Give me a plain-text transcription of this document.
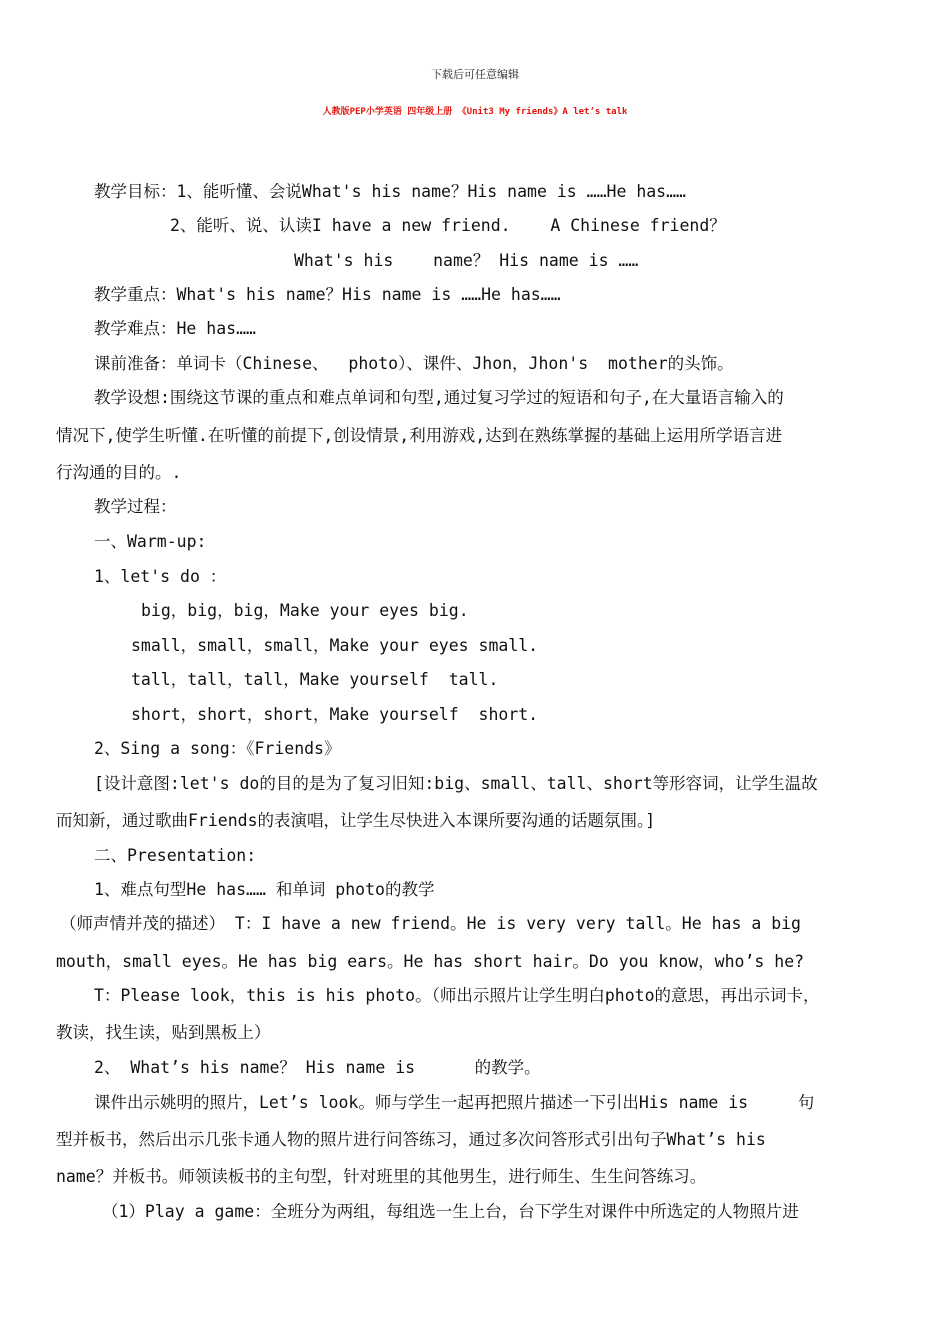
下载后可任意编辑
人教版PEP小学英语 四年级上册 《Unit3 My friends》A let’s talk
教学目标：1、能听懂、会说What's his name？His name is ……He has……
2、能听、说、认读I have a new friend.    A Chinese friend？
What's his    name？ His name is ……
教学重点：What's his name？His name is ……He has……
教学难点：He has……
课前准备：单词卡（Chinese、  photo）、课件、Jhon，Jhon's  mother的头饰。
教学设想:围绕这节课的重点和难点单词和句型,通过复习学过的短语和句子,在大量语言输入的
情况下,使学生听懂.在听懂的前提下,创设情景,利用游戏,达到在熟练掌握的基础上运用所学语言进
行沟通的目的。.
教学过程：
一、Warm-up:
1、let's do ：
big，big，big，Make your eyes big.
small，small，small，Make your eyes small.
tall，tall，tall，Make yourself  tall.
short，short，short，Make yourself  short.
2、Sing a song：《Friends》
[设计意图:let's do的目的是为了复习旧知:big、small、tall、short等形容词，让学生温故
而知新，通过歌曲Friends的表演唱，让学生尽快进入本课所要沟通的话题氛围。]
二、Presentation:
1、难点句型He has…… 和单词 photo的教学
（师声情并茂的描述） T：I have a new friend。He is very very tall。He has a big
mouth，small eyes。He has big ears。He has short hair。Do you know，who’s he?
T：Please look，this is his photo。（师出示照片让学生明白photo的意思，再出示词卡，
教读，找生读，贴到黑板上）
2、 What’s his name？ His name is      的教学。
课件出示姚明的照片，Let’s look。师与学生一起再把照片描述一下引出His name is     句
型并板书，然后出示几张卡通人物的照片进行问答练习，通过多次问答形式引出句子What’s his
name？并板书。师领读板书的主句型，针对班里的其他男生，进行师生、生生问答练习。
（1）Play a game：全班分为两组，每组选一生上台，台下学生对课件中所选定的人物照片进
